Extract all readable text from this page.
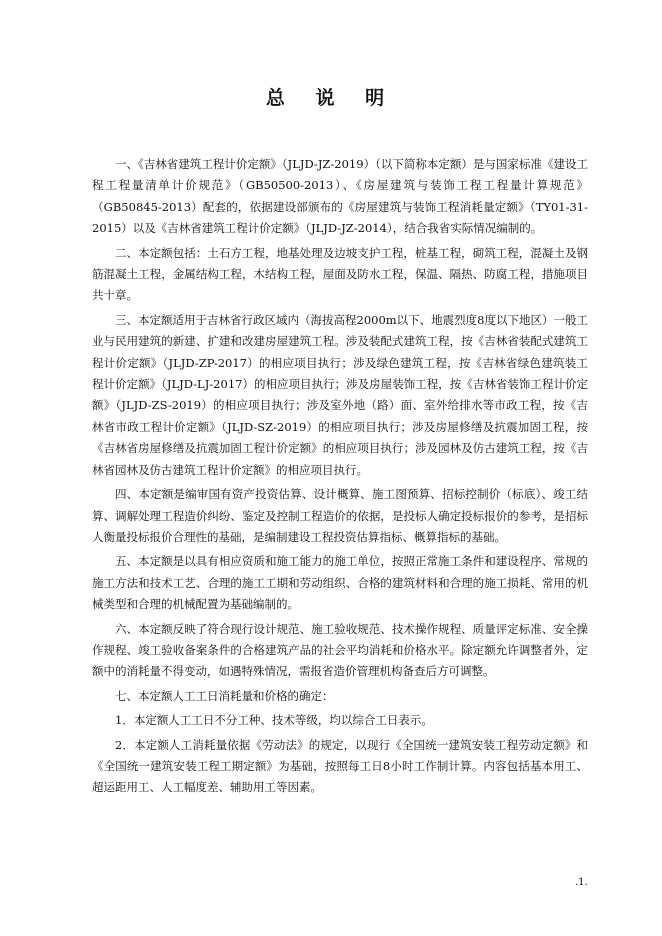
总 说 明

一、《吉林省建筑工程计价定额》（JLJD-JZ-2019）（以下简称本定额）是与国家标准《建设工程工程量清单计价规范》（GB50500-2013）、《房屋建筑与装饰工程工程量计算规范》（GB50845-2013）配套的，依据建设部颁布的《房屋建筑与装饰工程消耗量定额》（TY01-31-2015）以及《吉林省建筑工程计价定额》（JLJD-JZ-2014），结合我省实际情况编制的。

二、本定额包括：土石方工程，地基处理及边坡支护工程，桩基工程，砌筑工程，混凝土及钢筋混凝土工程，金属结构工程，木结构工程，屋面及防水工程，保温、隔热、防腐工程，措施项目共十章。

三、本定额适用于吉林省行政区域内（海拔高程2000m以下、地震烈度8度以下地区）一般工业与民用建筑的新建、扩建和改建房屋建筑工程。涉及装配式建筑工程，按《吉林省装配式建筑工程计价定额》（JLJD-ZP-2017）的相应项目执行；涉及绿色建筑工程，按《吉林省绿色建筑装工程计价定额》（JLJD-LJ-2017）的相应项目执行；涉及房屋装饰工程，按《吉林省装饰工程计价定额》（JLJD-ZS-2019）的相应项目执行；涉及室外地（路）面、室外给排水等市政工程，按《吉林省市政工程计价定额》（JLJD-SZ-2019）的相应项目执行；涉及房屋修缮及抗震加固工程，按《吉林省房屋修缮及抗震加固工程计价定额》的相应项目执行；涉及园林及仿古建筑工程，按《吉林省园林及仿古建筑工程计价定额》的相应项目执行。

四、本定额是编审国有资产投资估算、设计概算、施工图预算、招标控制价（标底）、竣工结算、调解处理工程造价纠纷、鉴定及控制工程造价的依据，是投标人确定投标报价的参考，是招标人衡量投标报价合理性的基础，是编制建设工程投资估算指标、概算指标的基础。

五、本定额是以具有相应资质和施工能力的施工单位，按照正常施工条件和建设程序、常规的施工方法和技术工艺、合理的施工工期和劳动组织、合格的建筑材料和合理的施工损耗、常用的机械类型和合理的机械配置为基础编制的。

六、本定额反映了符合现行设计规范、施工验收规范、技术操作规程、质量评定标准、安全操作规程、竣工验收备案条件的合格建筑产品的社会平均消耗和价格水平。除定额允许调整者外，定额中的消耗量不得变动，如遇特殊情况，需报省造价管理机构备查后方可调整。

七、本定额人工工日消耗量和价格的确定：

1．本定额人工工日不分工种、技术等级，均以综合工日表示。

2．本定额人工消耗量依据《劳动法》的规定，以现行《全国统一建筑安装工程劳动定额》和《全国统一建筑安装工程工期定额》为基础，按照每工日8小时工作制计算。内容包括基本用工、超运距用工、人工幅度差、辅助用工等因素。

.1.
